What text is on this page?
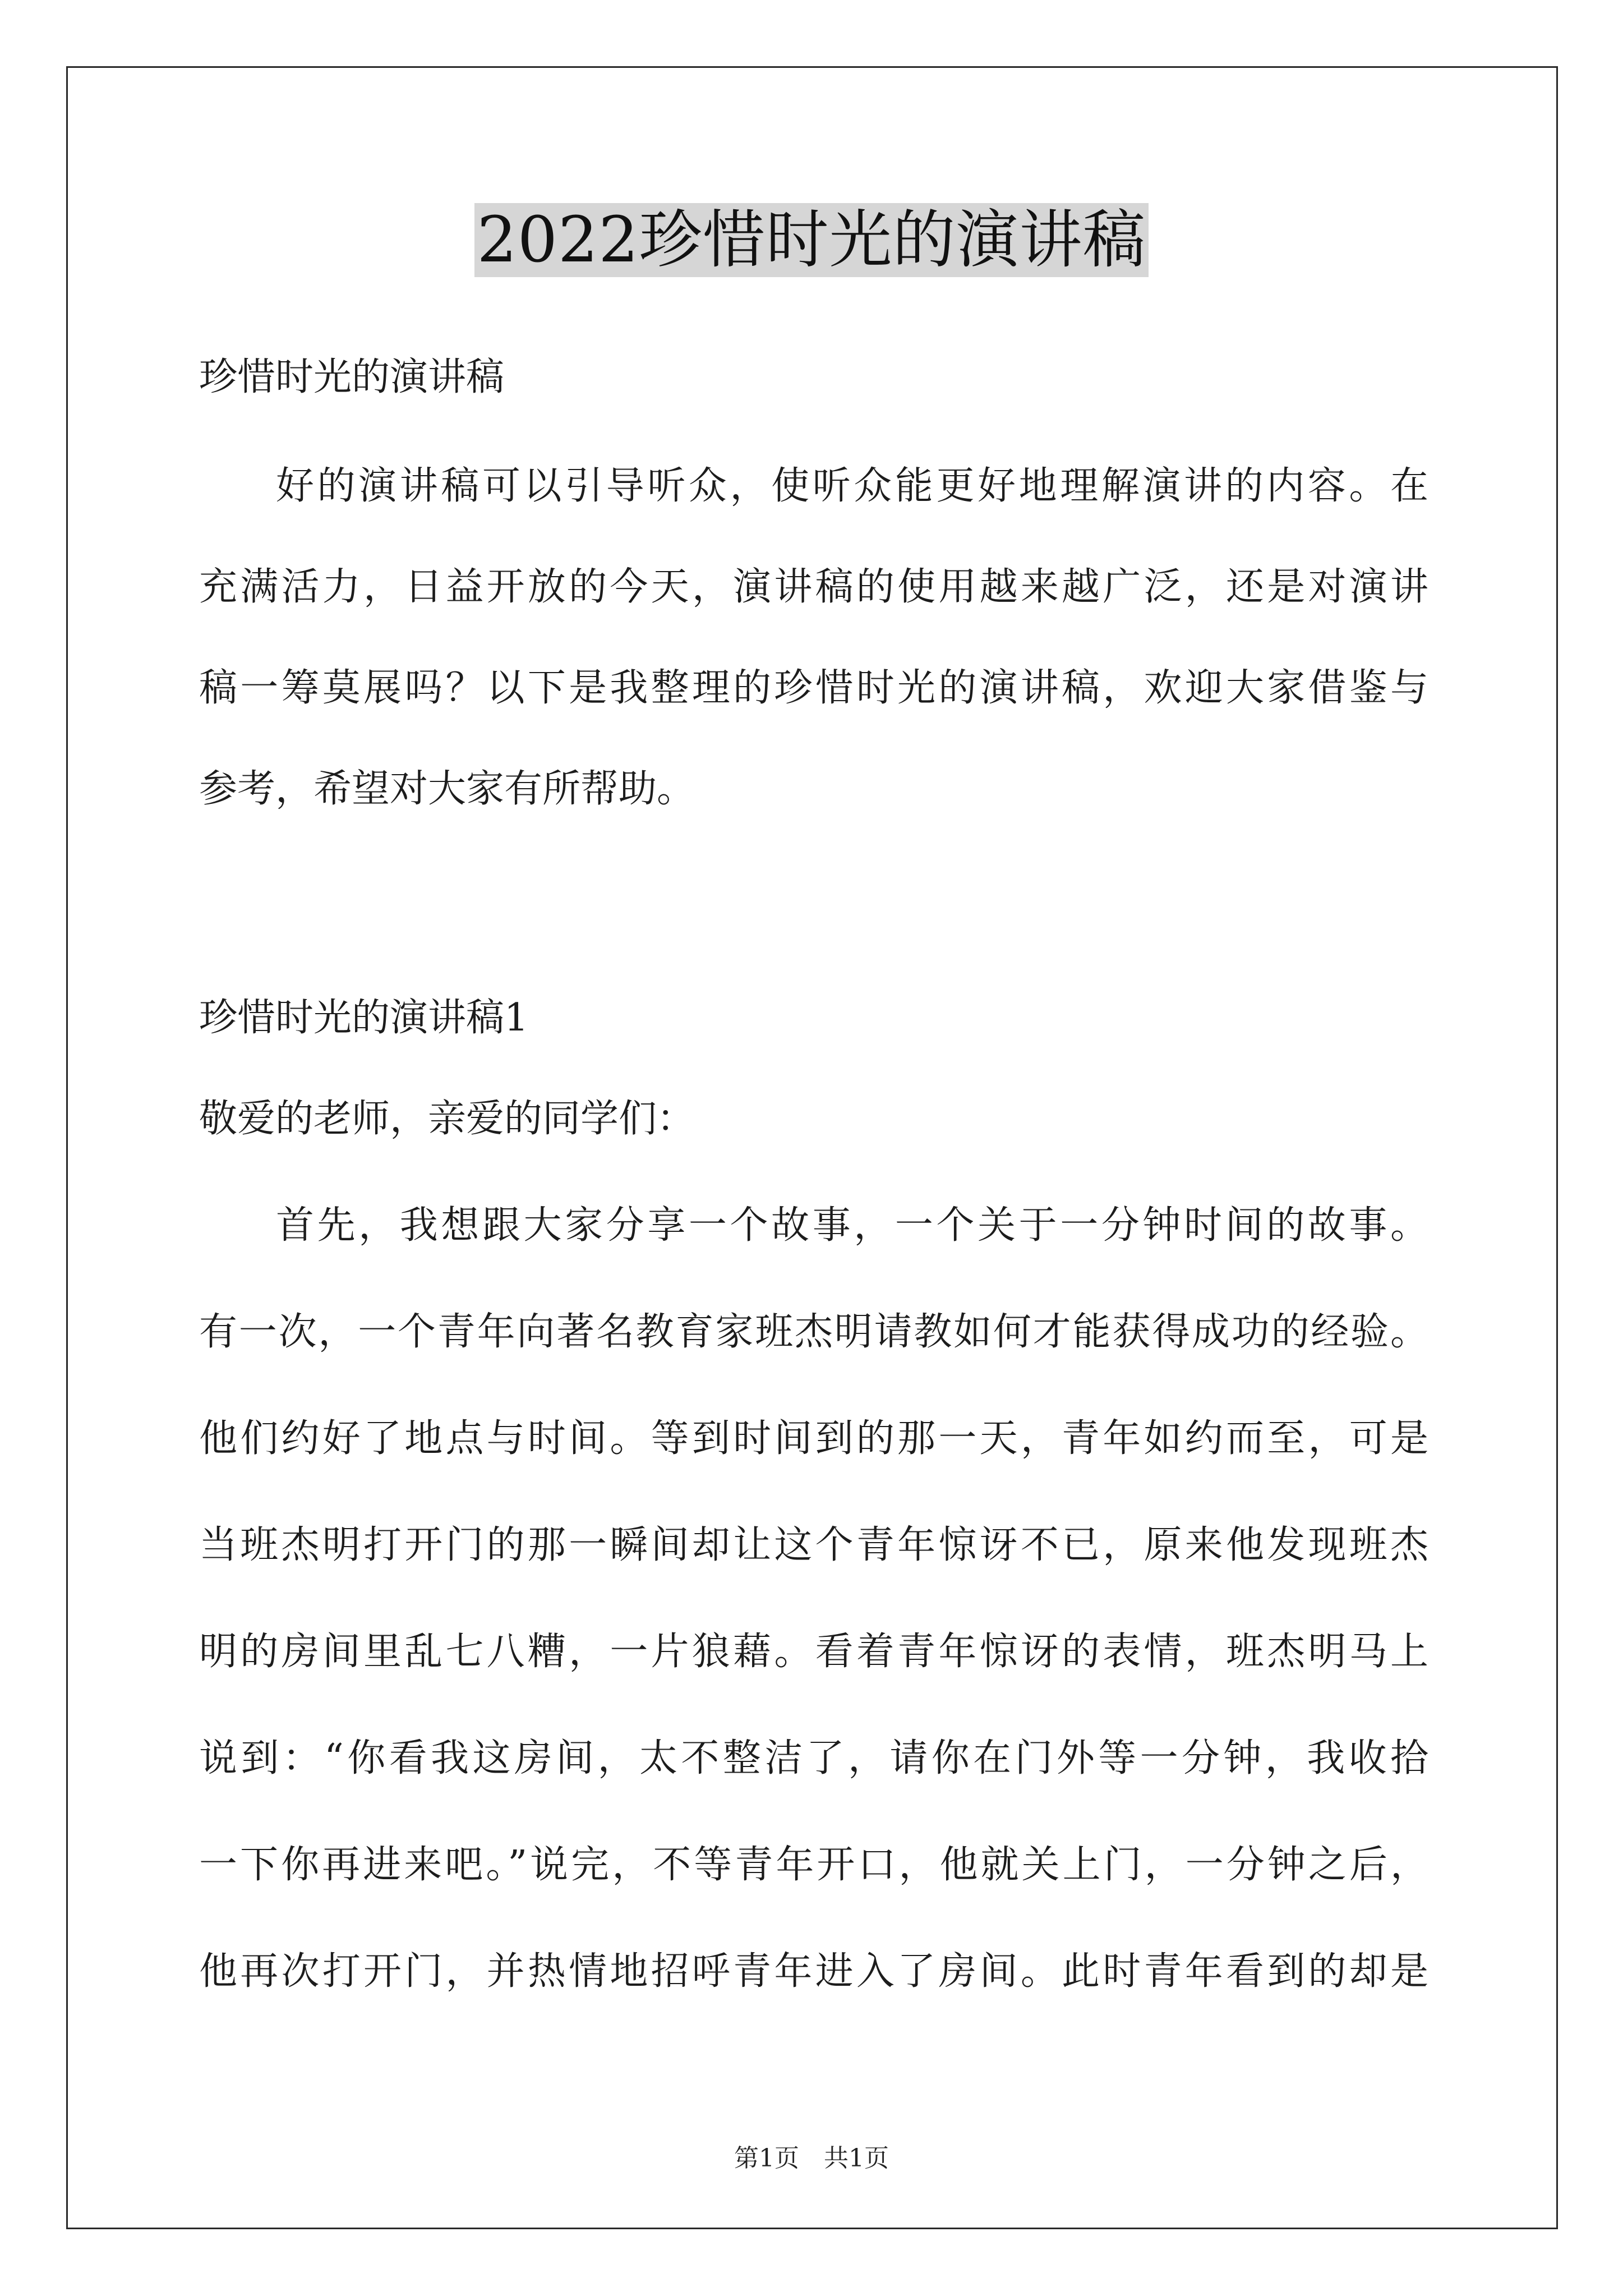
2022珍惜时光的演讲稿
珍惜时光的演讲稿
好的演讲稿可以引导听众，使听众能更好地理解演讲的内容。在
充满活力，日益开放的今天，演讲稿的使用越来越广泛，还是对演讲
稿一筹莫展吗？以下是我整理的珍惜时光的演讲稿，欢迎大家借鉴与
参考，希望对大家有所帮助。
珍惜时光的演讲稿1
敬爱的老师，亲爱的同学们：
首先，我想跟大家分享一个故事，一个关于一分钟时间的故事。
有一次，一个青年向著名教育家班杰明请教如何才能获得成功的经验。
他们约好了地点与时间。等到时间到的那一天，青年如约而至，可是
当班杰明打开门的那一瞬间却让这个青年惊讶不已，原来他发现班杰
明的房间里乱七八糟，一片狼藉。看着青年惊讶的表情，班杰明马上
说到：“你看我这房间，太不整洁了，请你在门外等一分钟，我收拾
一下你再进来吧。”说完，不等青年开口，他就关上门，一分钟之后，
他再次打开门，并热情地招呼青年进入了房间。此时青年看到的却是
第1页　共1页
